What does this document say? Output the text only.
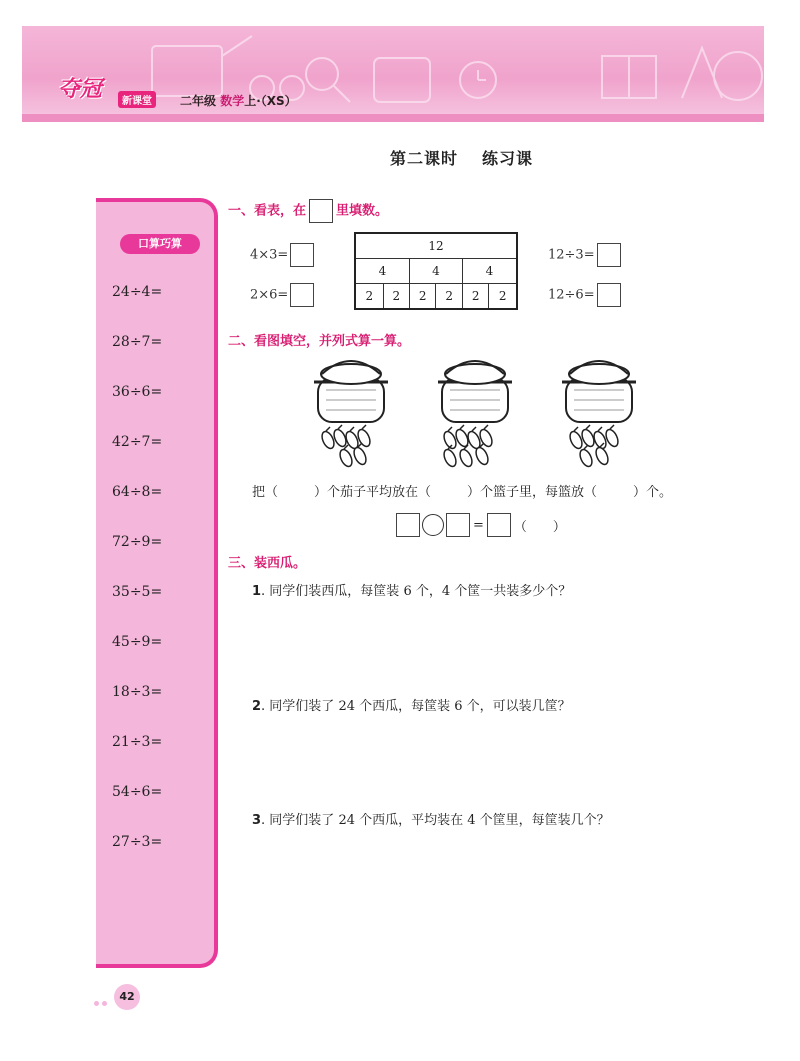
夺冠	新课堂	二年级 数学上·（XS）
第二课时 练习课
口算巧算
24÷4=
28÷7=
36÷6=
42÷7=
64÷8=
72÷9=
35÷5=
45÷9=
18÷3=
21÷3=
54÷6=
27÷3=
一、看表，在 里填数。
4×3=
2×6=
12					
4		4		4	
2	2	2	2	2	2
12÷3=
12÷6=
二、看图填空，并列式算一算。
把（	）个茄子平均放在（	）个篮子里，每篮放（	）个。
= （　　）
三、装西瓜。
1. 同学们装西瓜，每筐装 6 个，4 个筐一共装多少个？
2. 同学们装了 24 个西瓜，每筐装 6 个，可以装几筐？
3. 同学们装了 24 个西瓜，平均装在 4 个筐里，每筐装几个？
42
